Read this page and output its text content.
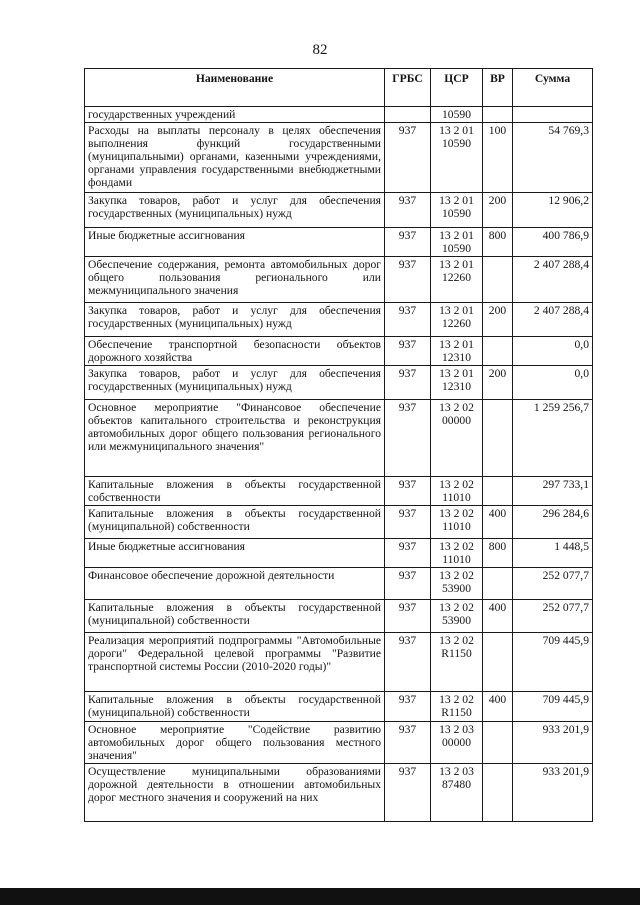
82
Наименование	ГРБС	ЦСР	ВР	Сумма
государственных учреждений		10590		
Расходы на выплаты персоналу в целях обеспечения выполнения функций государственными (муниципальными) органами, казенными учреждениями, органами управления государственными внебюджетными фондами	937	13 2 01 10590	100	54 769,3
Закупка товаров, работ и услуг для обеспечения государственных (муниципальных) нужд	937	13 2 01 10590	200	12 906,2
Иные бюджетные ассигнования	937	13 2 01 10590	800	400 786,9
Обеспечение содержания, ремонта автомобильных дорог общего пользования регионального или межмуниципального значения	937	13 2 01 12260		2 407 288,4
Закупка товаров, работ и услуг для обеспечения государственных (муниципальных) нужд	937	13 2 01 12260	200	2 407 288,4
Обеспечение транспортной безопасности объектов дорожного хозяйства	937	13 2 01 12310		0,0
Закупка товаров, работ и услуг для обеспечения государственных (муниципальных) нужд	937	13 2 01 12310	200	0,0
Основное мероприятие "Финансовое обеспечение объектов капитального строительства и реконструкция автомобильных дорог общего пользования регионального или межмуниципального значения"	937	13 2 02 00000		1 259 256,7
Капитальные вложения в объекты государственной собственности	937	13 2 02 11010		297 733,1
Капитальные вложения в объекты государственной (муниципальной) собственности	937	13 2 02 11010	400	296 284,6
Иные бюджетные ассигнования	937	13 2 02 11010	800	1 448,5
Финансовое обеспечение дорожной деятельности	937	13 2 02 53900		252 077,7
Капитальные вложения в объекты государственной (муниципальной) собственности	937	13 2 02 53900	400	252 077,7
Реализация мероприятий подпрограммы "Автомобильные дороги" Федеральной целевой программы "Развитие транспортной системы России (2010-2020 годы)"	937	13 2 02 R1150		709 445,9
Капитальные вложения в объекты государственной (муниципальной) собственности	937	13 2 02 R1150	400	709 445,9
Основное мероприятие "Содействие развитию автомобильных дорог общего пользования местного значения"	937	13 2 03 00000		933 201,9
Осуществление муниципальными образованиями дорожной деятельности в отношении автомобильных дорог местного значения и сооружений на них	937	13 2 03 87480		933 201,9
